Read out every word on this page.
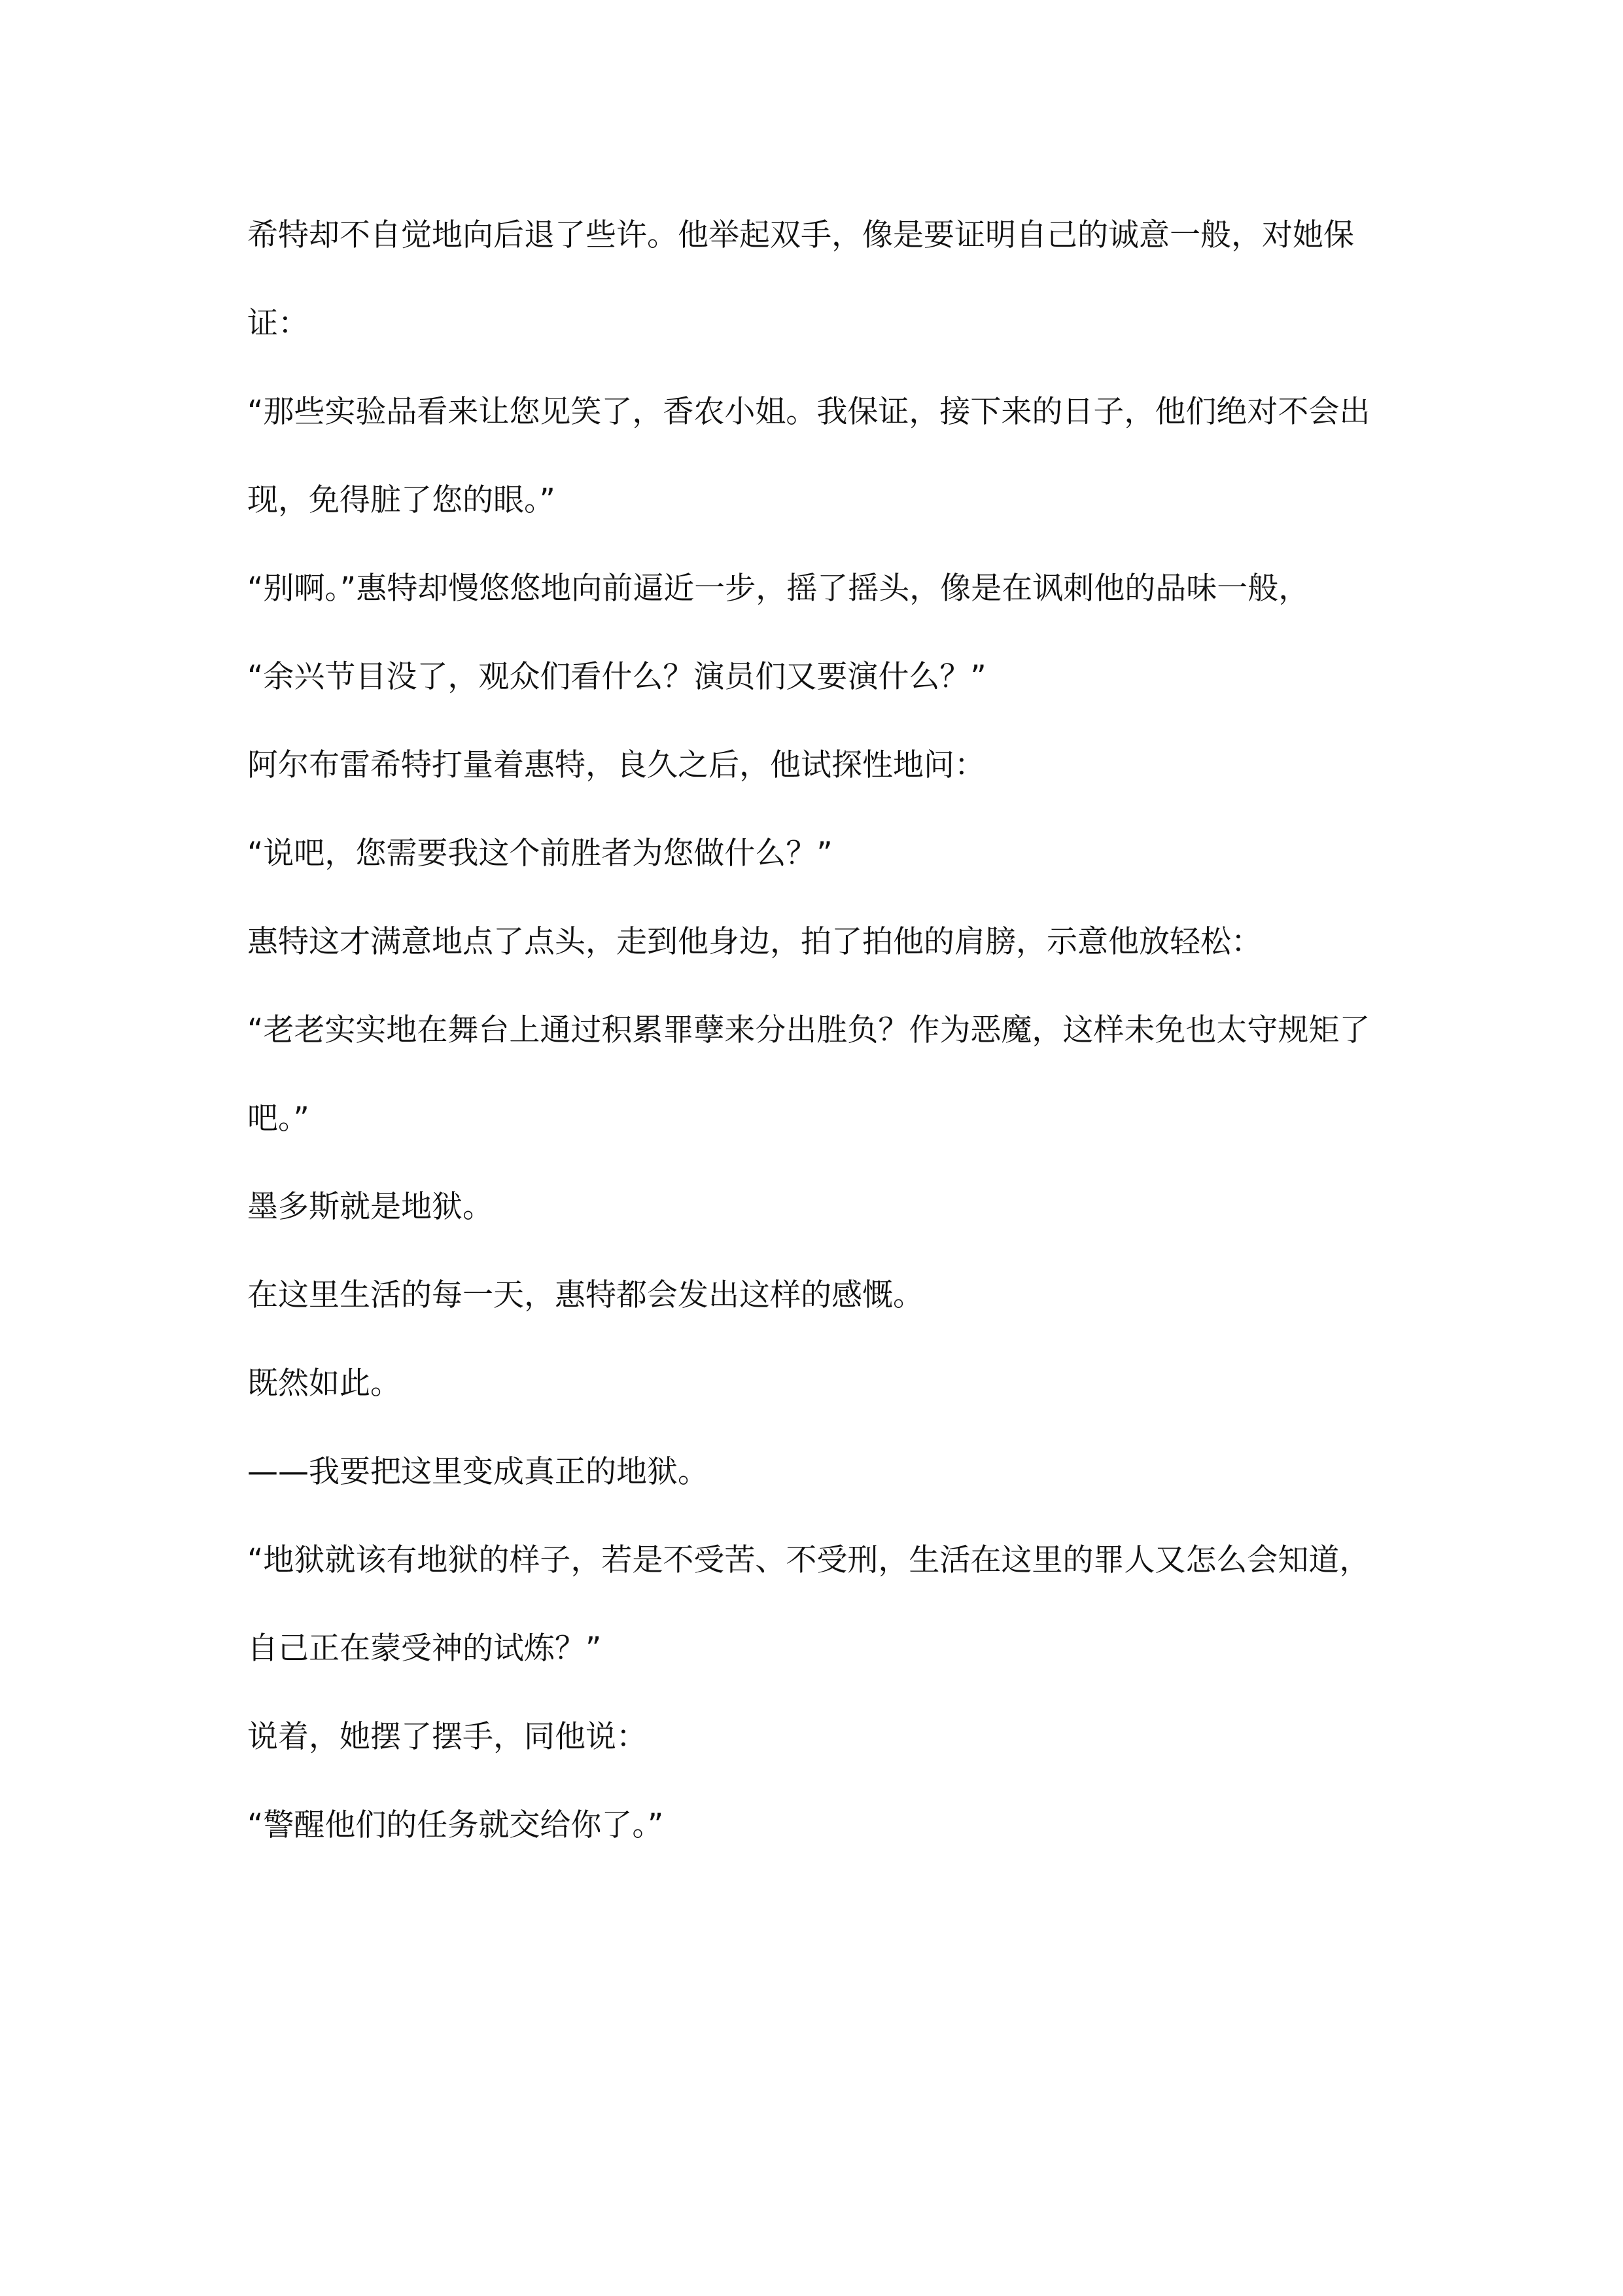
希特却不自觉地向后退了些许。他举起双手，像是要证明自己的诚意一般，对她保证：

“那些实验品看来让您见笑了，香农小姐。我保证，接下来的日子，他们绝对不会出现，免得脏了您的眼。”

“别啊。”惠特却慢悠悠地向前逼近一步，摇了摇头，像是在讽刺他的品味一般，

“余兴节目没了，观众们看什么？演员们又要演什么？”

阿尔布雷希特打量着惠特，良久之后，他试探性地问：

“说吧，您需要我这个前胜者为您做什么？”

惠特这才满意地点了点头，走到他身边，拍了拍他的肩膀，示意他放轻松：

“老老实实地在舞台上通过积累罪孽来分出胜负？作为恶魔，这样未免也太守规矩了吧。”

墨多斯就是地狱。

在这里生活的每一天，惠特都会发出这样的感慨。

既然如此。

——我要把这里变成真正的地狱。

“地狱就该有地狱的样子，若是不受苦、不受刑，生活在这里的罪人又怎么会知道，自己正在蒙受神的试炼？”

说着，她摆了摆手，同他说：

“警醒他们的任务就交给你了。”
